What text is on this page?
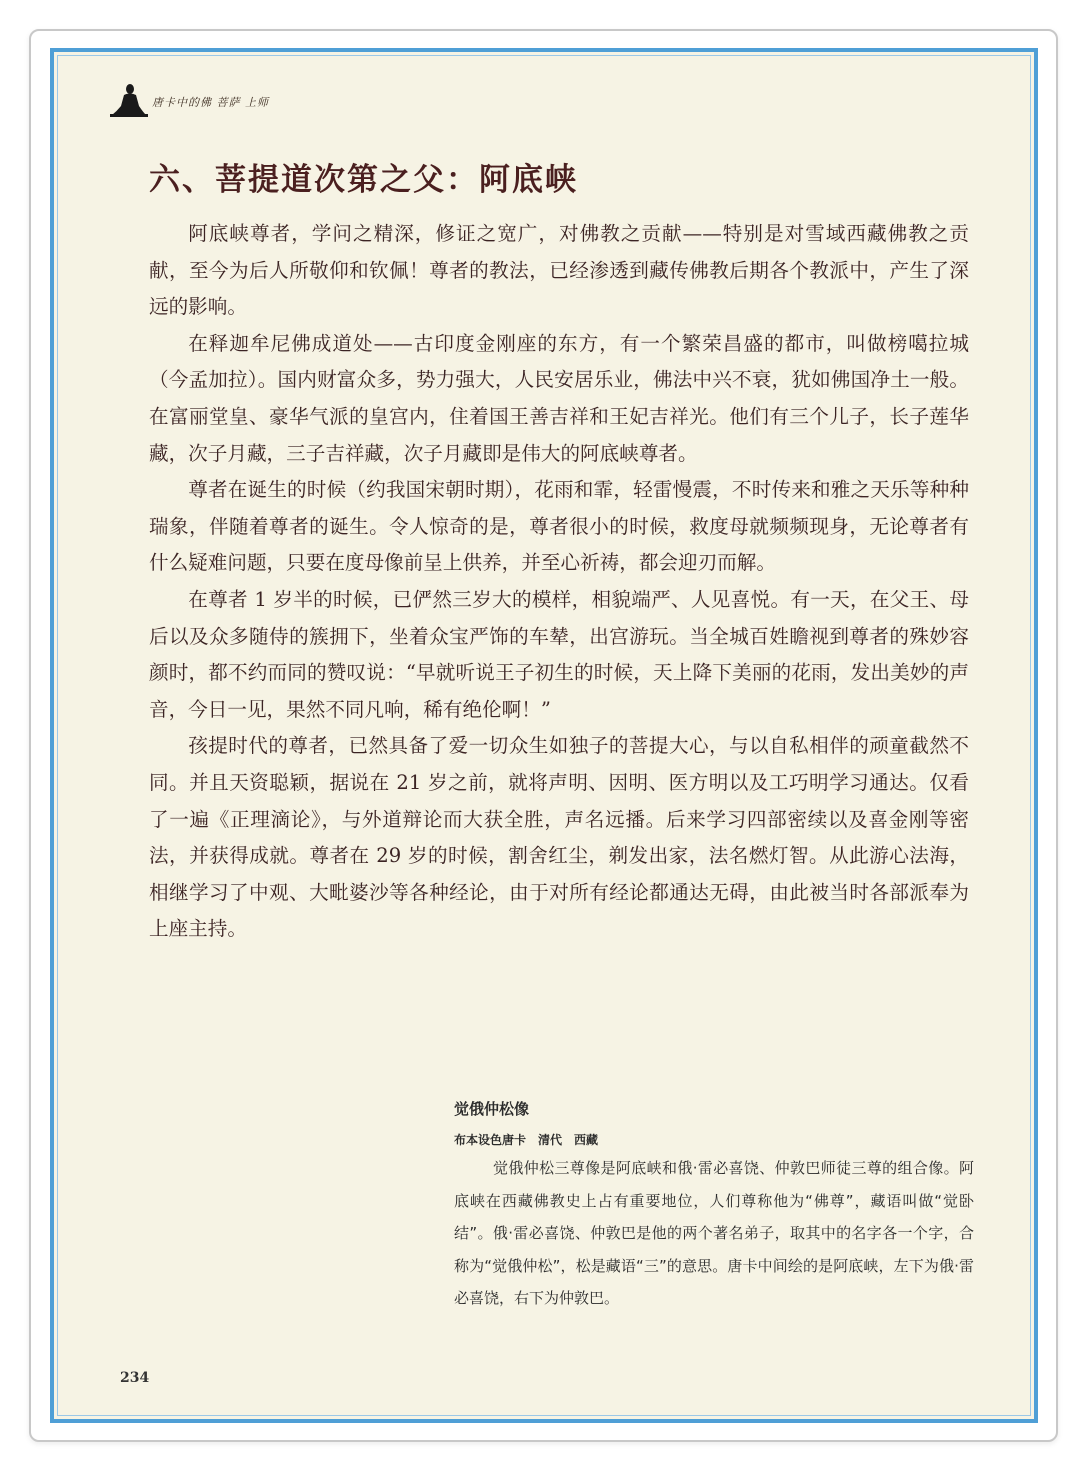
唐卡中的佛 菩萨 上师
六、菩提道次第之父：阿底峡

阿底峡尊者，学问之精深，修证之宽广，对佛教之贡献——特别是对雪域西藏佛教之贡献，至今为后人所敬仰和钦佩！尊者的教法，已经渗透到藏传佛教后期各个教派中，产生了深远的影响。

在释迦牟尼佛成道处——古印度金刚座的东方，有一个繁荣昌盛的都市，叫做榜噶拉城（今孟加拉）。国内财富众多，势力强大，人民安居乐业，佛法中兴不衰，犹如佛国净土一般。在富丽堂皇、豪华气派的皇宫内，住着国王善吉祥和王妃吉祥光。他们有三个儿子，长子莲华藏，次子月藏，三子吉祥藏，次子月藏即是伟大的阿底峡尊者。

尊者在诞生的时候（约我国宋朝时期），花雨和霏，轻雷慢震，不时传来和雅之天乐等种种瑞象，伴随着尊者的诞生。令人惊奇的是，尊者很小的时候，救度母就频频现身，无论尊者有什么疑难问题，只要在度母像前呈上供养，并至心祈祷，都会迎刃而解。

在尊者 1 岁半的时候，已俨然三岁大的模样，相貌端严、人见喜悦。有一天，在父王、母后以及众多随侍的簇拥下，坐着众宝严饰的车辇，出宫游玩。当全城百姓瞻视到尊者的殊妙容颜时，都不约而同的赞叹说：“早就听说王子初生的时候，天上降下美丽的花雨，发出美妙的声音，今日一见，果然不同凡响，稀有绝伦啊！”

孩提时代的尊者，已然具备了爱一切众生如独子的菩提大心，与以自私相伴的顽童截然不同。并且天资聪颖，据说在 21 岁之前，就将声明、因明、医方明以及工巧明学习通达。仅看了一遍《正理滴论》，与外道辩论而大获全胜，声名远播。后来学习四部密续以及喜金刚等密法，并获得成就。尊者在 29 岁的时候，割舍红尘，剃发出家，法名燃灯智。从此游心法海，相继学习了中观、大毗婆沙等各种经论，由于对所有经论都通达无碍，由此被当时各部派奉为上座主持。

觉俄仲松像

布本设色唐卡　清代　西藏

觉俄仲松三尊像是阿底峡和俄·雷必喜饶、仲敦巴师徒三尊的组合像。阿底峡在西藏佛教史上占有重要地位，人们尊称他为“佛尊”，藏语叫做“觉卧结”。俄·雷必喜饶、仲敦巴是他的两个著名弟子，取其中的名字各一个字，合称为“觉俄仲松”，松是藏语“三”的意思。唐卡中间绘的是阿底峡，左下为俄·雷必喜饶，右下为仲敦巴。

234
